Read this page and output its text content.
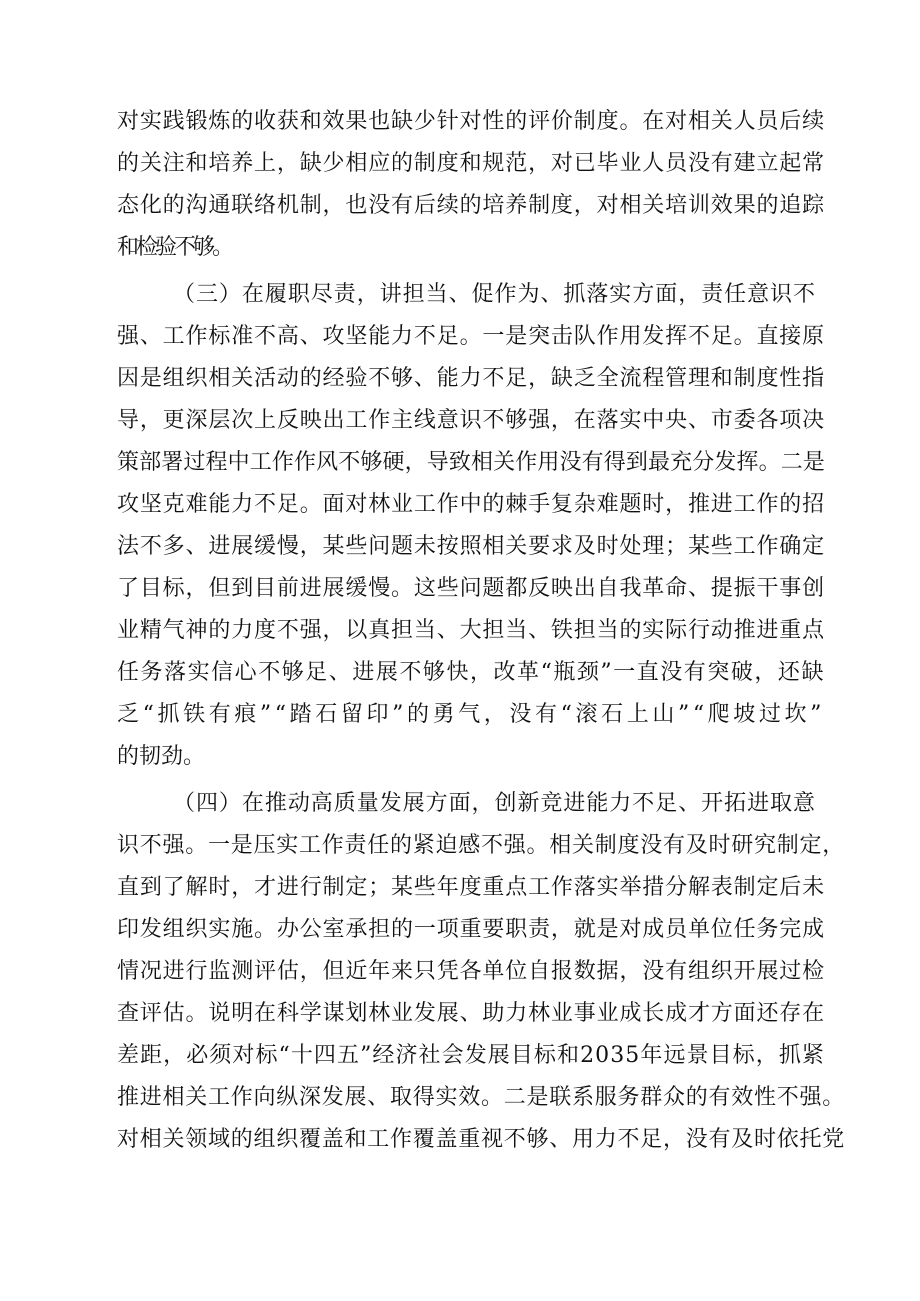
对实践锻炼的收获和效果也缺少针对性的评价制度。在对相关人员后续
的关注和培养上，缺少相应的制度和规范，对已毕业人员没有建立起常
态化的沟通联络机制，也没有后续的培养制度，对相关培训效果的追踪
和检验不够。
（三）在履职尽责，讲担当、促作为、抓落实方面，责任意识不
强、工作标准不高、攻坚能力不足。一是突击队作用发挥不足。直接原
因是组织相关活动的经验不够、能力不足，缺乏全流程管理和制度性指
导，更深层次上反映出工作主线意识不够强，在落实中央、市委各项决
策部署过程中工作作风不够硬，导致相关作用没有得到最充分发挥。二是
攻坚克难能力不足。面对林业工作中的棘手复杂难题时，推进工作的招
法不多、进展缓慢，某些问题未按照相关要求及时处理；某些工作确定
了目标，但到目前进展缓慢。这些问题都反映出自我革命、提振干事创
业精气神的力度不强，以真担当、大担当、铁担当的实际行动推进重点
任务落实信心不够足、进展不够快，改革“瓶颈”一直没有突破，还缺
乏“抓铁有痕”“踏石留印”的勇气，没有“滚石上山”“爬坡过坎”
的韧劲。
（四）在推动高质量发展方面，创新竞进能力不足、开拓进取意
识不强。一是压实工作责任的紧迫感不强。相关制度没有及时研究制定，
直到了解时，才进行制定；某些年度重点工作落实举措分解表制定后未
印发组织实施。办公室承担的一项重要职责，就是对成员单位任务完成
情况进行监测评估，但近年来只凭各单位自报数据，没有组织开展过检
查评估。说明在科学谋划林业发展、助力林业事业成长成才方面还存在
差距，必须对标“十四五”经济社会发展目标和2035年远景目标，抓紧
推进相关工作向纵深发展、取得实效。二是联系服务群众的有效性不强。
对相关领域的组织覆盖和工作覆盖重视不够、用力不足，没有及时依托党
